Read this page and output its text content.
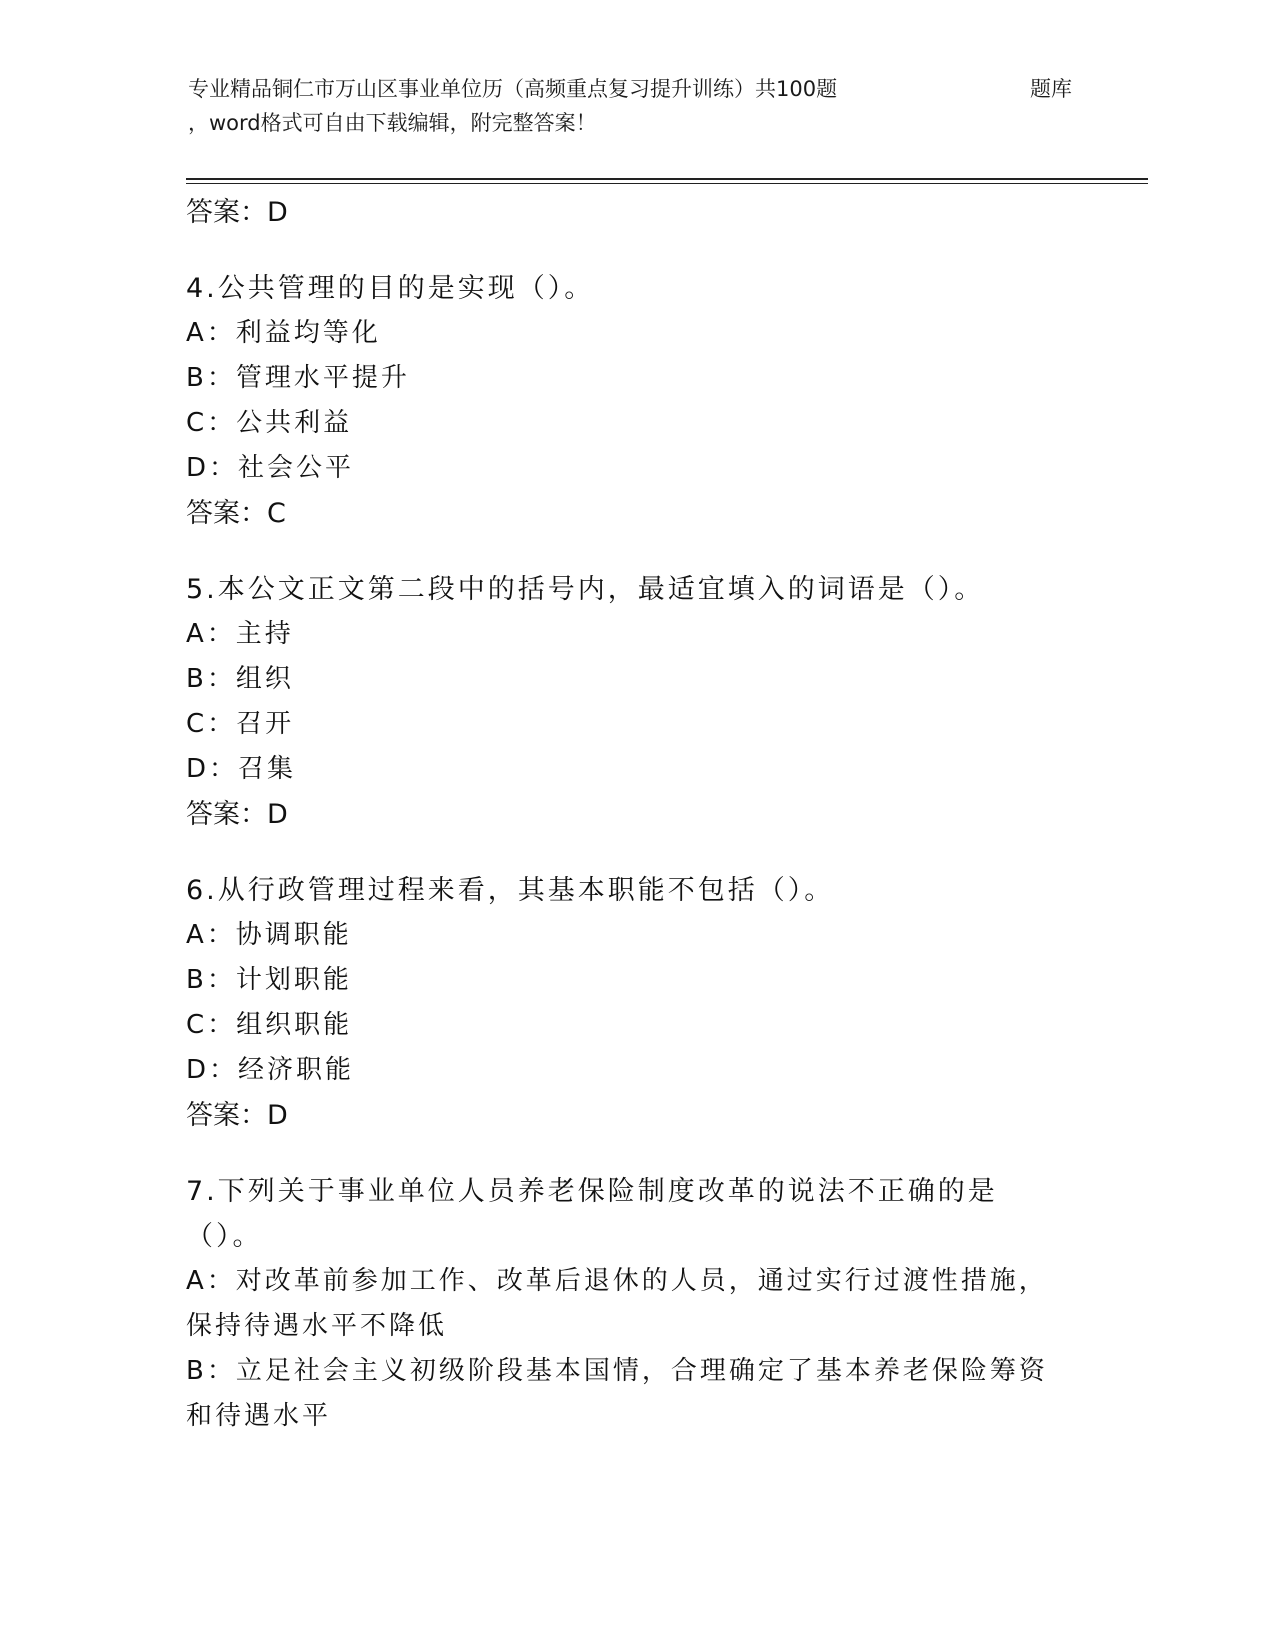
专业精品铜仁市万山区事业单位历（高频重点复习提升训练）共100题	题库
，word格式可自由下载编辑，附完整答案！
答案：D
4.公共管理的目的是实现（）。
A：利益均等化
B：管理水平提升
C：公共利益
D：社会公平
答案：C
5.本公文正文第二段中的括号内，最适宜填入的词语是（）。
A：主持
B：组织
C：召开
D：召集
答案：D
6.从行政管理过程来看，其基本职能不包括（）。
A：协调职能
B：计划职能
C：组织职能
D：经济职能
答案：D
7.下列关于事业单位人员养老保险制度改革的说法不正确的是（）。
A：对改革前参加工作、改革后退休的人员，通过实行过渡性措施，保持待遇水平不降低
B：立足社会主义初级阶段基本国情，合理确定了基本养老保险筹资和待遇水平
